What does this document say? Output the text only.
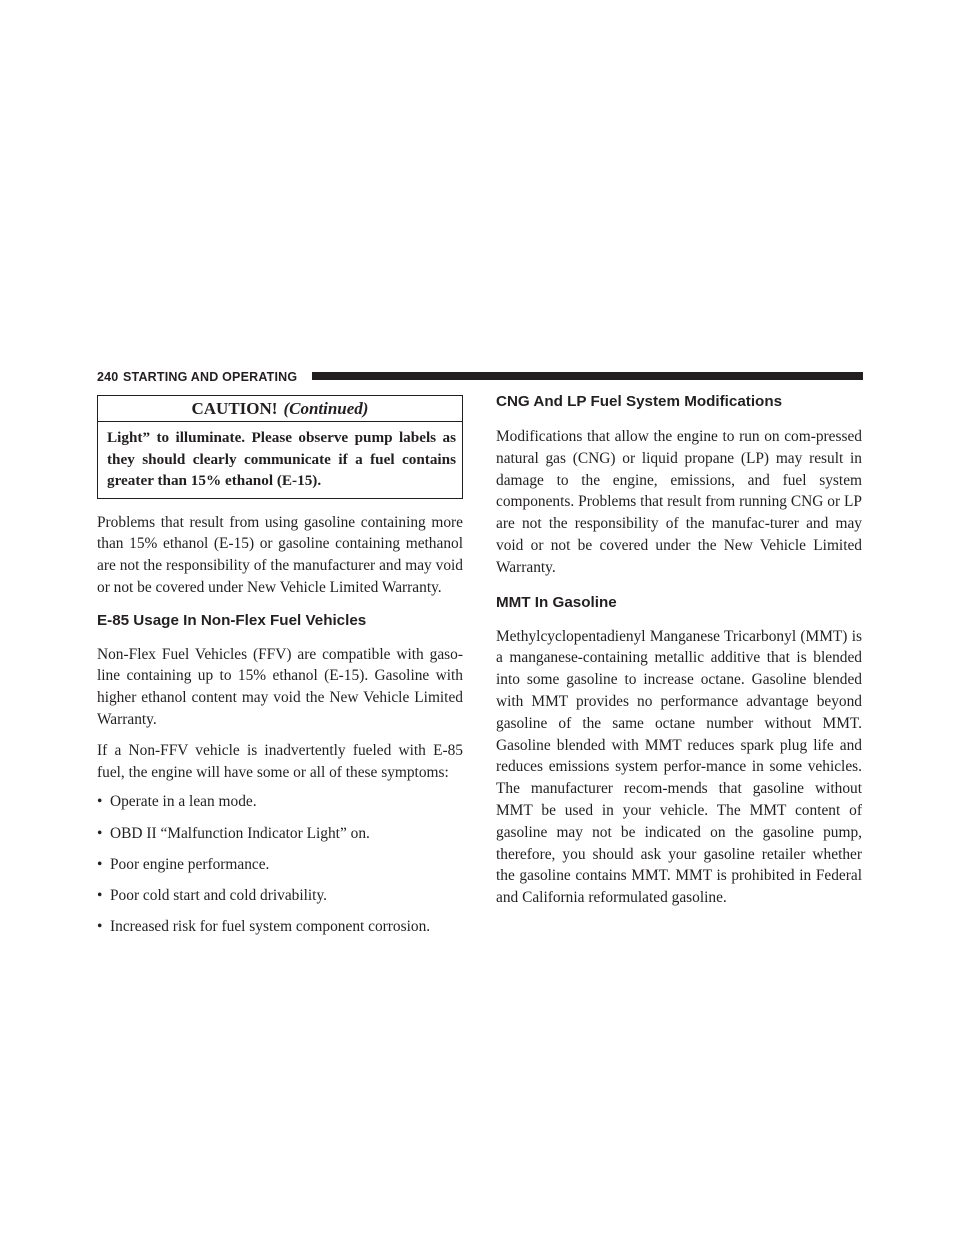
240 STARTING AND OPERATING
CAUTION! (Continued)
Light” to illuminate. Please observe pump labels as they should clearly communicate if a fuel contains greater than 15% ethanol (E-15).

Problems that result from using gasoline containing more than 15% ethanol (E-15) or gasoline containing methanol are not the responsibility of the manufacturer and may void or not be covered under New Vehicle Limited Warranty.

E-85 Usage In Non-Flex Fuel Vehicles

Non-Flex Fuel Vehicles (FFV) are compatible with gaso-line containing up to 15% ethanol (E-15). Gasoline with higher ethanol content may void the New Vehicle Limited Warranty.

If a Non-FFV vehicle is inadvertently fueled with E-85 fuel, the engine will have some or all of these symptoms:

• Operate in a lean mode.
• OBD II “Malfunction Indicator Light” on.
• Poor engine performance.
• Poor cold start and cold drivability.
• Increased risk for fuel system component corrosion.
CNG And LP Fuel System Modifications

Modifications that allow the engine to run on com-pressed natural gas (CNG) or liquid propane (LP) may result in damage to the engine, emissions, and fuel system components. Problems that result from running CNG or LP are not the responsibility of the manufac-turer and may void or not be covered under the New Vehicle Limited Warranty.

MMT In Gasoline

Methylcyclopentadienyl Manganese Tricarbonyl (MMT) is a manganese-containing metallic additive that is blended into some gasoline to increase octane. Gasoline blended with MMT provides no performance advantage beyond gasoline of the same octane number without MMT. Gasoline blended with MMT reduces spark plug life and reduces emissions system perfor-mance in some vehicles. The manufacturer recom-mends that gasoline without MMT be used in your vehicle. The MMT content of gasoline may not be indicated on the gasoline pump, therefore, you should ask your gasoline retailer whether the gasoline contains MMT. MMT is prohibited in Federal and California reformulated gasoline.
